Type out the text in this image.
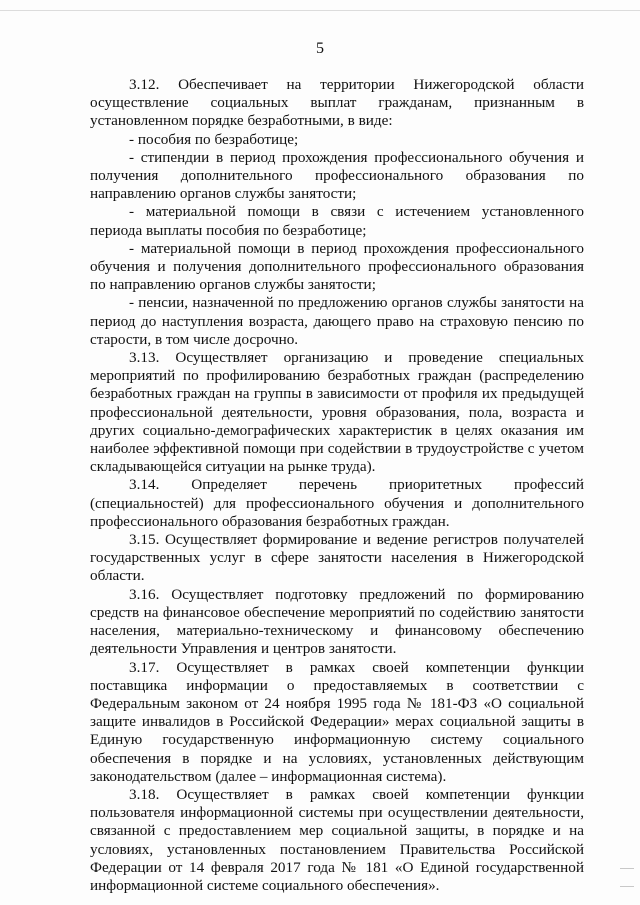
5

3.12. Обеспечивает на территории Нижегородской области осуществление социальных выплат гражданам, признанным в установленном порядке безработными, в виде:

- пособия по безработице;

- стипендии в период прохождения профессионального обучения и получения дополнительного профессионального образования по направлению органов службы занятости;

- материальной помощи в связи с истечением установленного периода выплаты пособия по безработице;

- материальной помощи в период прохождения профессионального обучения и получения дополнительного профессионального образования по направлению органов службы занятости;

- пенсии, назначенной по предложению органов службы занятости на период до наступления возраста, дающего право на страховую пенсию по старости, в том числе досрочно.

3.13. Осуществляет организацию и проведение специальных мероприятий по профилированию безработных граждан (распределению безработных граждан на группы в зависимости от профиля их предыдущей профессиональной деятельности, уровня образования, пола, возраста и других социально-демографических характеристик в целях оказания им наиболее эффективной помощи при содействии в трудоустройстве с учетом складывающейся ситуации на рынке труда).

3.14. Определяет перечень приоритетных профессий (специальностей) для профессионального обучения и дополнительного профессионального образования безработных граждан.

3.15. Осуществляет формирование и ведение регистров получателей государственных услуг в сфере занятости населения в Нижегородской области.

3.16. Осуществляет подготовку предложений по формированию средств на финансовое обеспечение мероприятий по содействию занятости населения, материально-техническому и финансовому обеспечению деятельности Управления и центров занятости.

3.17. Осуществляет в рамках своей компетенции функции поставщика информации о предоставляемых в соответствии с Федеральным законом от 24 ноября 1995 года № 181-ФЗ «О социальной защите инвалидов в Российской Федерации» мерах социальной защиты в Единую государственную информационную систему социального обеспечения в порядке и на условиях, установленных действующим законодательством (далее – информационная система).

3.18. Осуществляет в рамках своей компетенции функции пользователя информационной системы при осуществлении деятельности, связанной с предоставлением мер социальной защиты, в порядке и на условиях, установленных постановлением Правительства Российской Федерации от 14 февраля 2017 года № 181 «О Единой государственной информационной системе социального обеспечения».
